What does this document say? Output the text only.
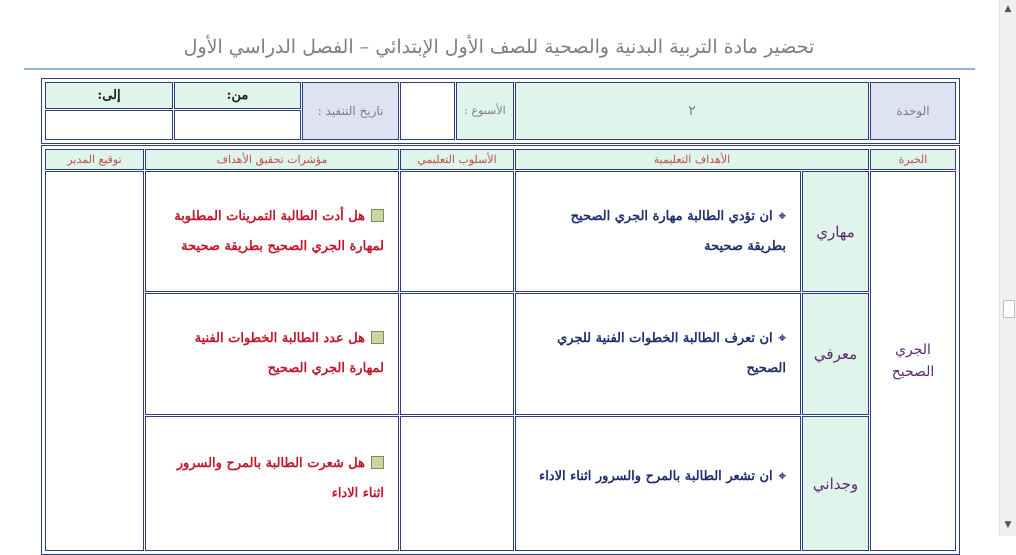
▲
▼
تحضير مادة التربية البدنية والصحية للصف الأول الإبتدائي – الفصل الدراسي الأول
الوحدة
٢
الأسبوع :
تاريخ التنفيذ :
من:
إلى:
الخبرة
الأهداف التعليمية
الأسلوب التعليمي
مؤشرات تحقيق الأهداف
توقيع المدير
الجري الصحيح
مهاري
⌖ان تؤدي الطالبة مهارة الجري الصحيح بطريقة صحيحة
هل أدت الطالبة التمرينات المطلوبة لمهارة الجري الصحيح بطريقة صحيحة
معرفي
⌖ان تعرف الطالبة الخطوات الفنية للجري الصحيح
هل عدد الطالبة الخطوات الفنية لمهارة الجري الصحيح
وجداني
⌖ان تشعر الطالبة بالمرح والسرور اثناء الاداء
هل شعرت الطالبة بالمرح والسرور اثناء الاداء
